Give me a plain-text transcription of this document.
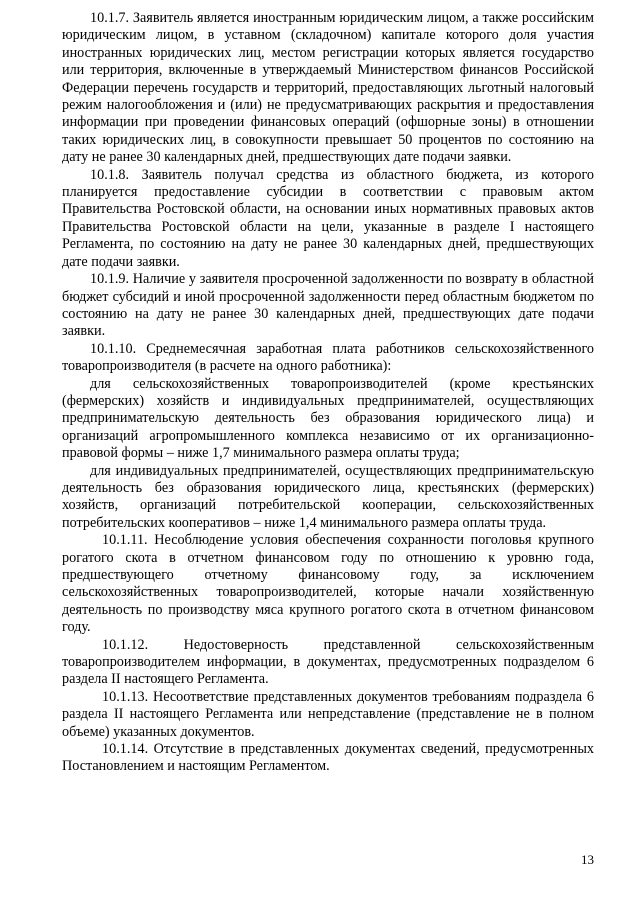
10.1.7. Заявитель является иностранным юридическим лицом, а также российским юридическим лицом, в уставном (складочном) капитале которого доля участия иностранных юридических лиц, местом регистрации которых является государство или территория, включенные в утверждаемый Министерством финансов Российской Федерации перечень государств и территорий, предоставляющих льготный налоговый режим налогообложения и (или) не предусматривающих раскрытия и предоставления информации при проведении финансовых операций (офшорные зоны) в отношении таких юридических лиц, в совокупности превышает 50 процентов по состоянию на дату не ранее 30 календарных дней, предшествующих дате подачи заявки.

10.1.8. Заявитель получал средства из областного бюджета, из которого планируется предоставление субсидии в соответствии с правовым актом Правительства Ростовской области, на основании иных нормативных правовых актов Правительства Ростовской области на цели, указанные в разделе I настоящего Регламента, по состоянию на дату не ранее 30 календарных дней, предшествующих дате подачи заявки.

10.1.9. Наличие у заявителя просроченной задолженности по возврату в областной бюджет субсидий и иной просроченной задолженности перед областным бюджетом по состоянию на дату не ранее 30 календарных дней, предшествующих дате подачи заявки.

10.1.10. Среднемесячная заработная плата работников сельскохозяйственного товаропроизводителя (в расчете на одного работника):

для сельскохозяйственных товаропроизводителей (кроме крестьянских (фермерских) хозяйств и индивидуальных предпринимателей, осуществляющих предпринимательскую деятельность без образования юридического лица) и организаций агропромышленного комплекса независимо от их организационно-правовой формы – ниже 1,7 минимального размера оплаты труда;

для индивидуальных предпринимателей, осуществляющих предпринимательскую деятельность без образования юридического лица, крестьянских (фермерских) хозяйств, организаций потребительской кооперации, сельскохозяйственных потребительских кооперативов – ниже 1,4 минимального размера оплаты труда.

10.1.11. Несоблюдение условия обеспечения сохранности поголовья крупного рогатого скота в отчетном финансовом году по отношению к уровню года, предшествующего отчетному финансовому году, за исключением сельскохозяйственных товаропроизводителей, которые начали хозяйственную деятельность по производству мяса крупного рогатого скота в отчетном финансовом году.

10.1.12. Недостоверность представленной сельскохозяйственным товаропроизводителем информации, в документах, предусмотренных подразделом 6 раздела II настоящего Регламента.

10.1.13. Несоответствие представленных документов требованиям подраздела 6 раздела II настоящего Регламента или непредставление (представление не в полном объеме) указанных документов.

10.1.14. Отсутствие в представленных документах сведений, предусмотренных Постановлением и настоящим Регламентом.

13
